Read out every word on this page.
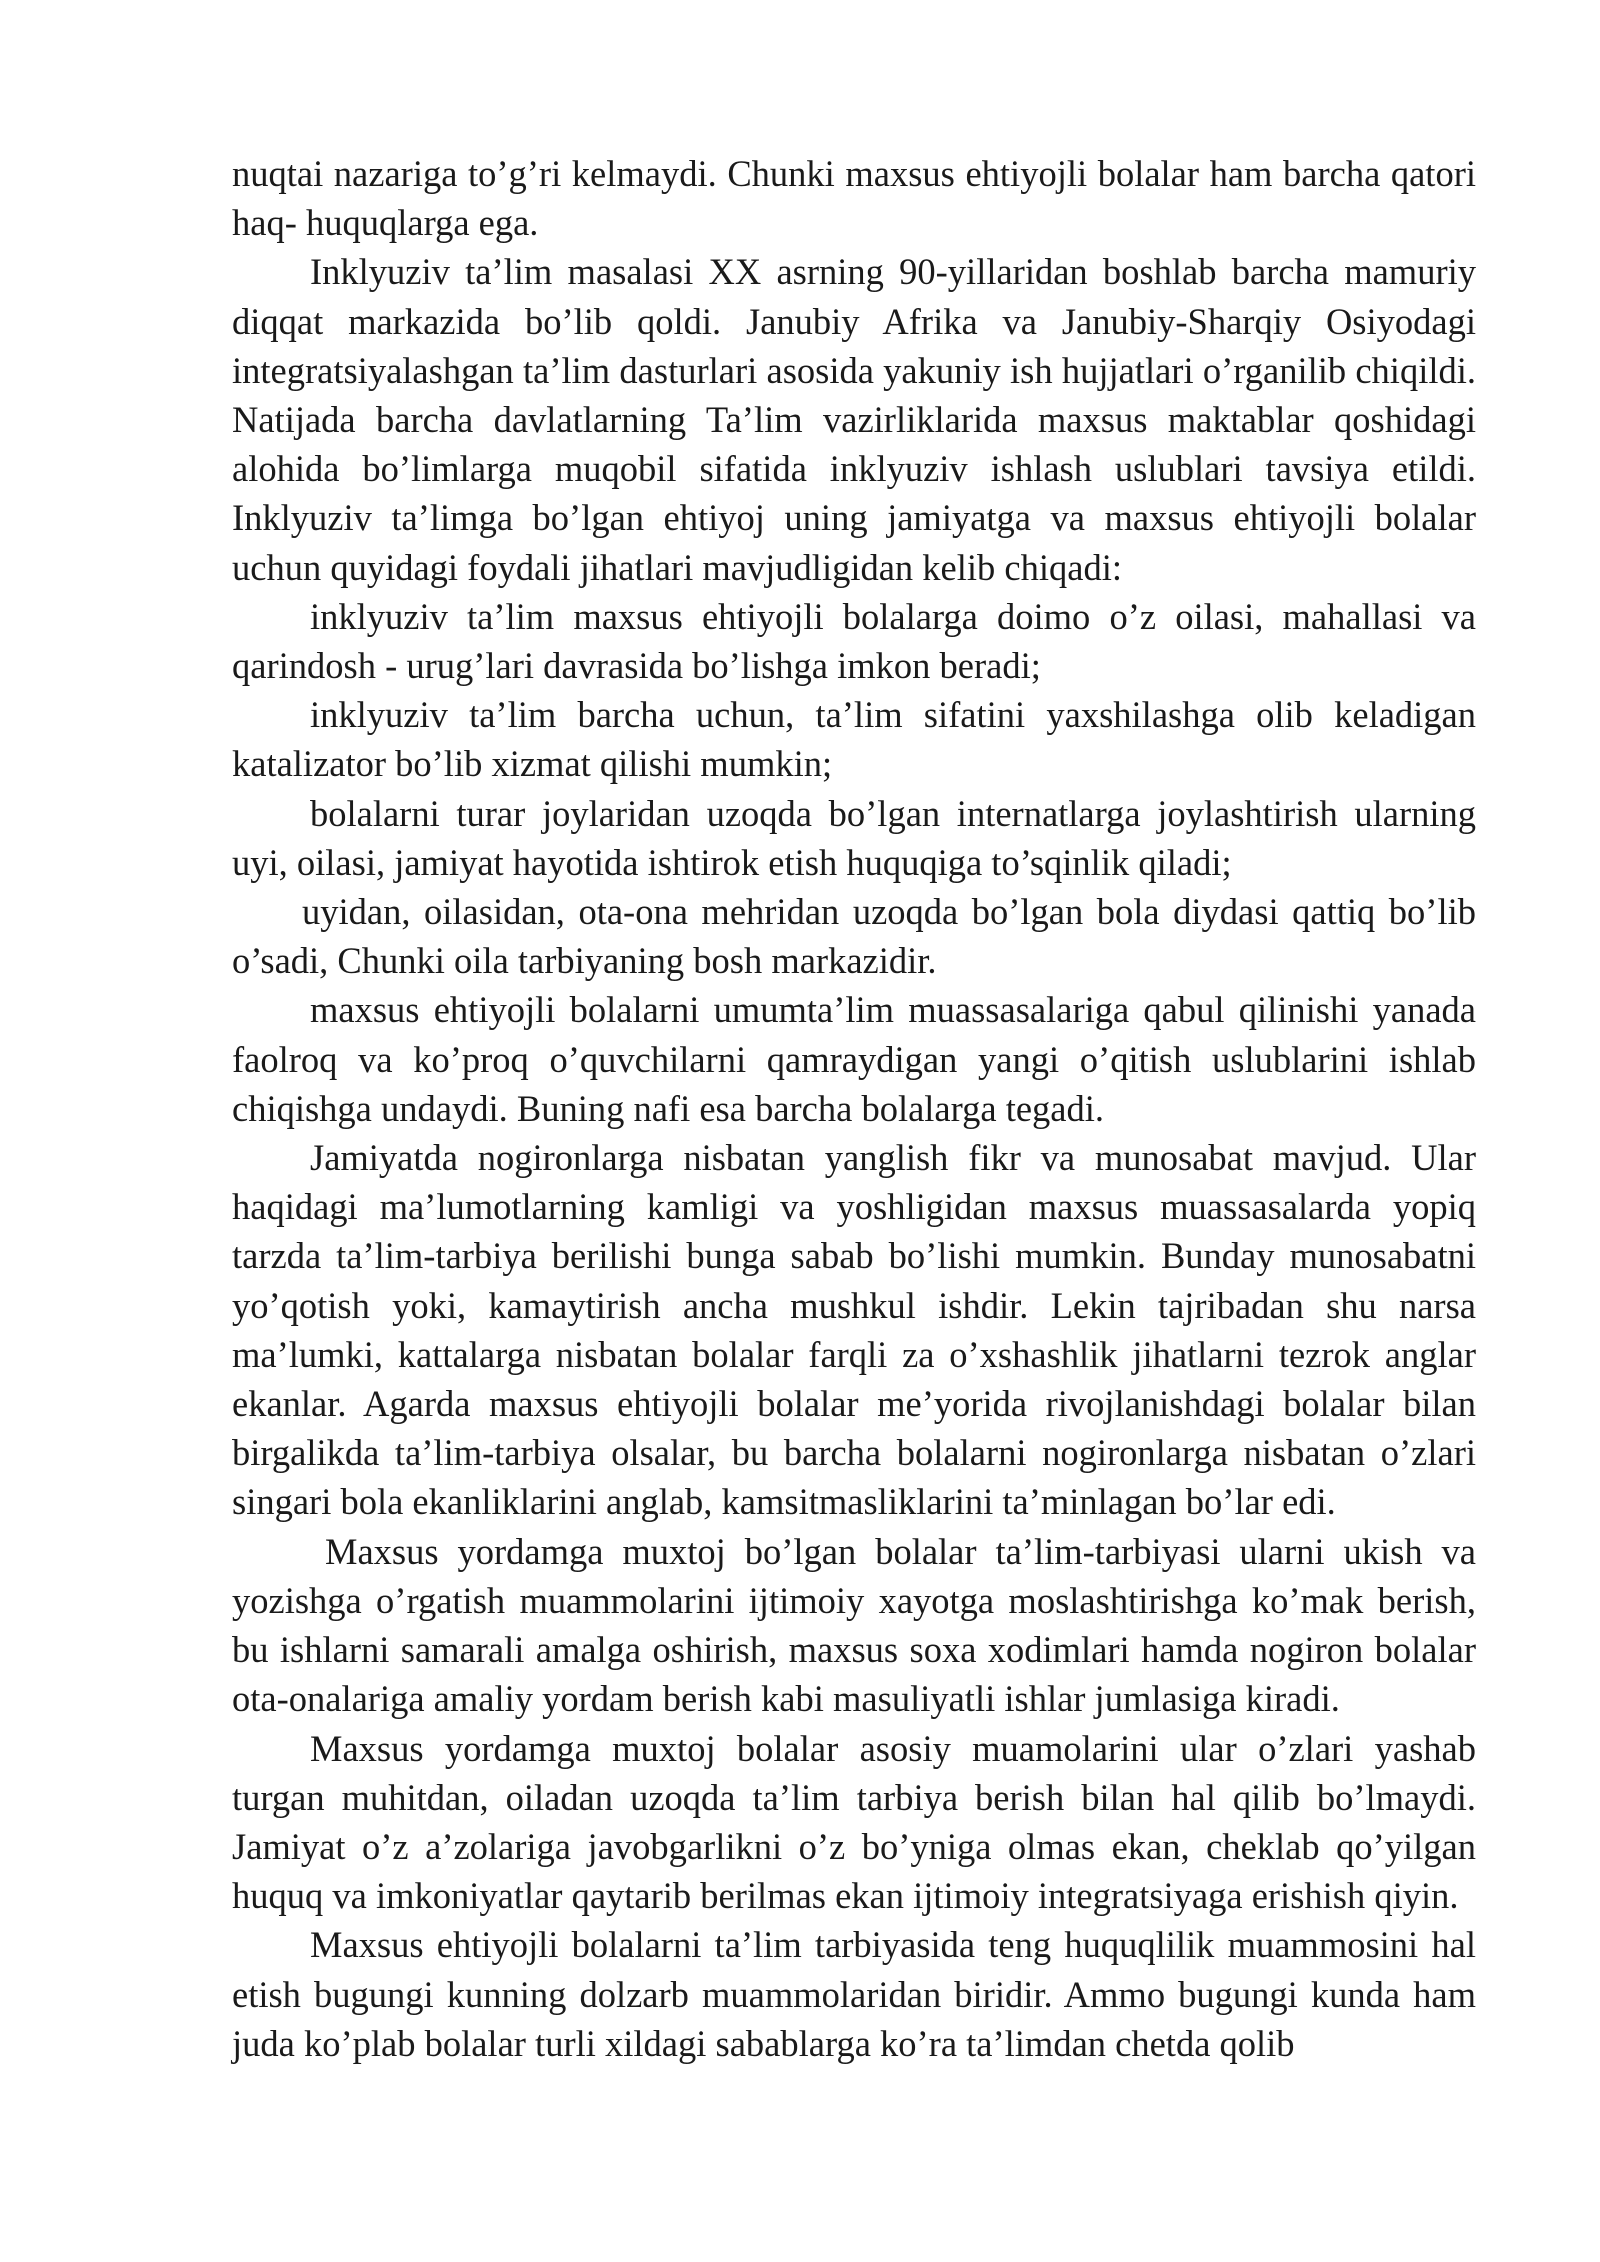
nuqtai nazariga to’g’ri kelmaydi. Chunki maxsus ehtiyojli bolalar ham barcha qatori haq- huquqlarga ega.

Inklyuziv ta’lim masalasi XX asrning 90-yillaridan boshlab barcha mamuriy diqqat markazida bo’lib qoldi. Janubiy Afrika va Janubiy-Sharqiy Osiyodagi integratsiyalashgan ta’lim dasturlari asosida yakuniy ish hujjatlari o’rganilib chiqildi. Natijada barcha davlatlarning Ta’lim vazirliklarida maxsus maktablar qoshidagi alohida bo’limlarga muqobil sifatida inklyuziv ishlash uslublari tavsiya etildi. Inklyuziv ta’limga bo’lgan ehtiyoj uning jamiyatga va maxsus ehtiyojli bolalar uchun quyidagi foydali jihatlari mavjudligidan kelib chiqadi:

inklyuziv ta’lim maxsus ehtiyojli bolalarga doimo o’z oilasi, mahallasi va qarindosh - urug’lari davrasida bo’lishga imkon beradi;

inklyuziv ta’lim barcha uchun, ta’lim sifatini yaxshilashga olib keladigan katalizator bo’lib xizmat qilishi mumkin;

bolalarni turar joylaridan uzoqda bo’lgan internatlarga joylashtirish ularning uyi, oilasi, jamiyat hayotida ishtirok etish huquqiga to’sqinlik qiladi;

uyidan, oilasidan, ota-ona mehridan uzoqda bo’lgan bola diydasi qattiq bo’lib o’sadi, Chunki oila tarbiyaning bosh markazidir.

maxsus ehtiyojli bolalarni umumta’lim muassasalariga qabul qilinishi yanada faolroq va ko’proq o’quvchilarni qamraydigan yangi o’qitish uslublarini ishlab chiqishga undaydi. Buning nafi esa barcha bolalarga tegadi.

Jamiyatda nogironlarga nisbatan yanglish fikr va munosabat mavjud. Ular haqidagi ma’lumotlarning kamligi va yoshligidan maxsus muassasalarda yopiq tarzda ta’lim-tarbiya berilishi bunga sabab bo’lishi mumkin. Bunday munosabatni yo’qotish yoki, kamaytirish ancha mushkul ishdir. Lekin tajribadan shu narsa ma’lumki, kattalarga nisbatan bolalar farqli za o’xshashlik jihatlarni tezrok anglar ekanlar. Agarda maxsus ehtiyojli bolalar me’yorida rivojlanishdagi bolalar bilan birgalikda ta’lim-tarbiya olsalar, bu barcha bolalarni nogironlarga nisbatan o’zlari singari bola ekanliklarini anglab, kamsitmasliklarini ta’minlagan bo’lar edi.

Maxsus yordamga muxtoj bo’lgan bolalar ta’lim-tarbiyasi ularni ukish va yozishga o’rgatish muammolarini ijtimoiy xayotga moslashtirishga ko’mak berish, bu ishlarni samarali amalga oshirish, maxsus soxa xodimlari hamda nogiron bolalar ota-onalariga amaliy yordam berish kabi masuliyatli ishlar jumlasiga kiradi.

Maxsus yordamga muxtoj bolalar asosiy muamolarini ular o’zlari yashab turgan muhitdan, oiladan uzoqda ta’lim tarbiya berish bilan hal qilib bo’lmaydi. Jamiyat o’z a’zolariga javobgarlikni o’z bo’yniga olmas ekan, cheklab qo’yilgan huquq va imkoniyatlar qaytarib berilmas ekan ijtimoiy integratsiyaga erishish qiyin.

Maxsus ehtiyojli bolalarni ta’lim tarbiyasida teng huquqlilik muammosini hal etish bugungi kunning dolzarb muammolaridan biridir. Ammo bugungi kunda ham juda ko’plab bolalar turli xildagi sabablarga ko’ra ta’limdan chetda qolib
